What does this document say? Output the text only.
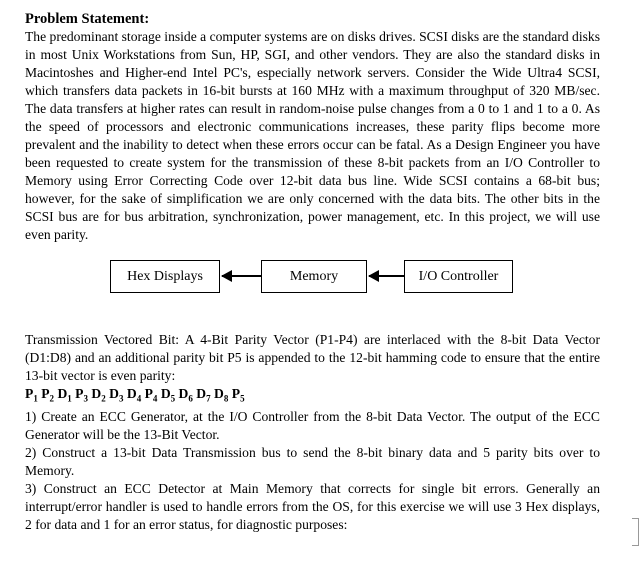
Problem Statement:

The predominant storage inside a computer systems are on disks drives. SCSI disks are the standard disks in most Unix Workstations from Sun, HP, SGI, and other vendors. They are also the standard disks in Macintoshes and Higher-end Intel PC's, especially network servers. Consider the Wide Ultra4 SCSI, which transfers data packets in 16-bit bursts at 160 MHz with a maximum throughput of 320 MB/sec. The data transfers at higher rates can result in random-noise pulse changes from a 0 to 1 and 1 to a 0. As the speed of processors and electronic communications increases, these parity flips become more prevalent and the inability to detect when these errors occur can be fatal. As a Design Engineer you have been requested to create system for the transmission of these 8-bit packets from an I/O Controller to Memory using Error Correcting Code over 12-bit data bus line. Wide SCSI contains a 68-bit bus; however, for the sake of simplification we are only concerned with the data bits. The other bits in the SCSI bus are for bus arbitration, synchronization, power management, etc. In this project, we will use even parity.

Hex Displays	Memory	I/O Controller

Transmission Vectored Bit: A 4-Bit Parity Vector (P1-P4) are interlaced with the 8-bit Data Vector (D1:D8) and an additional parity bit P5 is appended to the 12-bit hamming code to ensure that the entire 13-bit vector is even parity:

$P_1$ $P_2$ $D_1$ $P_3$ $D_2$ $D_3$ $D_4$ $P_4$ $D_5$ $D_6$ $D_7$ $D_8$ $P_5$

1) Create an ECC Generator, at the I/O Controller from the 8-bit Data Vector. The output of the ECC Generator will be the 13-Bit Vector.

2) Construct a 13-bit Data Transmission bus to send the 8-bit binary data and 5 parity bits over to Memory.

3) Construct an ECC Detector at Main Memory that corrects for single bit errors. Generally an interrupt/error handler is used to handle errors from the OS, for this exercise we will use 3 Hex displays, 2 for data and 1 for an error status, for diagnostic purposes:
